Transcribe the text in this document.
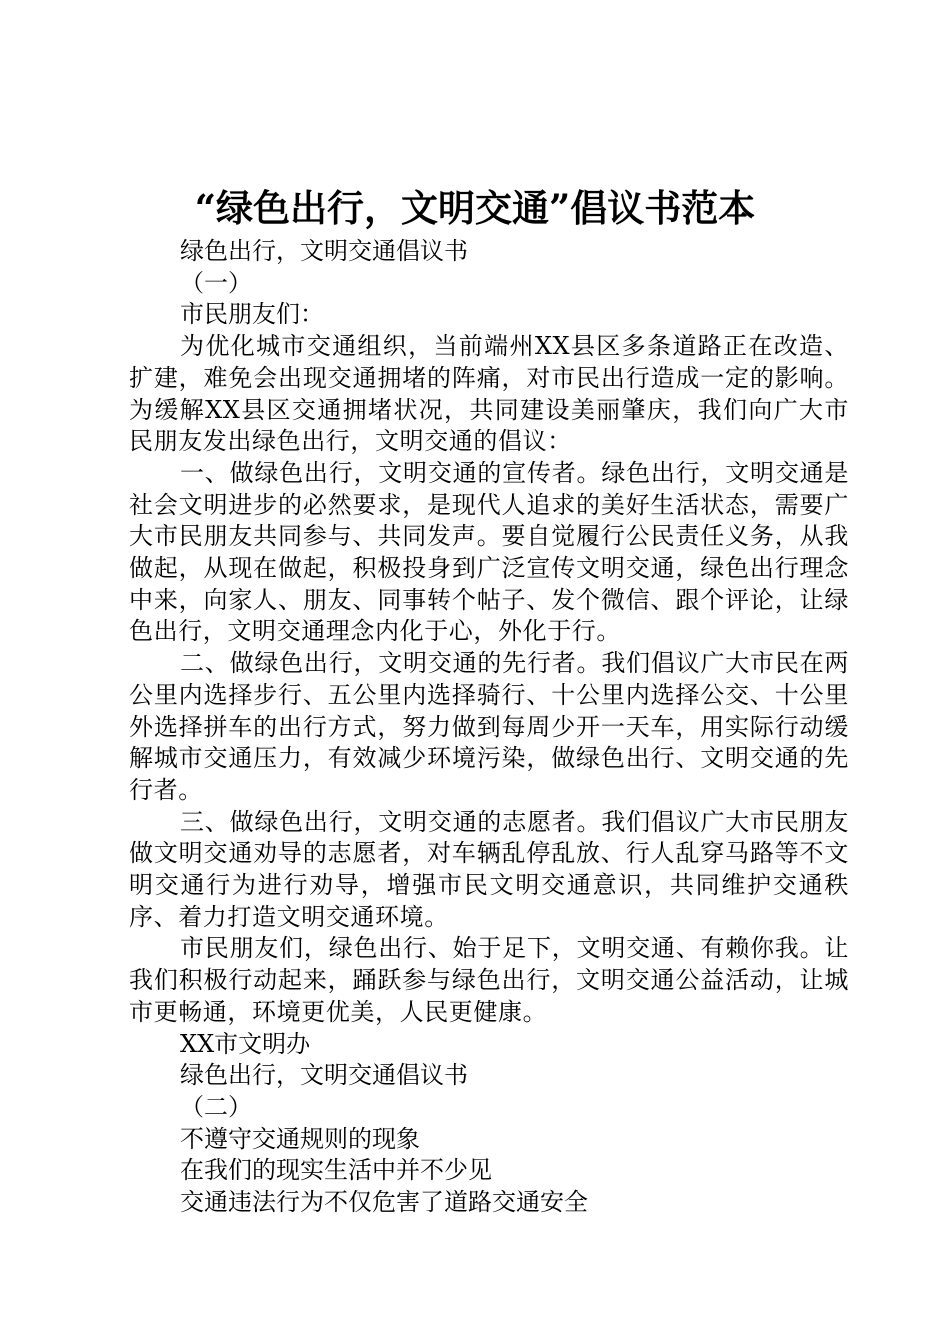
“绿色出行，文明交通”倡议书范本

绿色出行，文明交通倡议书

（一）

市民朋友们：

为优化城市交通组织，当前端州XX县区多条道路正在改造、扩建，难免会出现交通拥堵的阵痛，对市民出行造成一定的影响。为缓解XX县区交通拥堵状况，共同建设美丽肇庆，我们向广大市民朋友发出绿色出行，文明交通的倡议：

一、做绿色出行，文明交通的宣传者。绿色出行，文明交通是社会文明进步的必然要求，是现代人追求的美好生活状态，需要广大市民朋友共同参与、共同发声。要自觉履行公民责任义务，从我做起，从现在做起，积极投身到广泛宣传文明交通，绿色出行理念中来，向家人、朋友、同事转个帖子、发个微信、跟个评论，让绿色出行，文明交通理念内化于心，外化于行。

二、做绿色出行，文明交通的先行者。我们倡议广大市民在两公里内选择步行、五公里内选择骑行、十公里内选择公交、十公里外选择拼车的出行方式，努力做到每周少开一天车，用实际行动缓解城市交通压力，有效减少环境污染，做绿色出行、文明交通的先行者。

三、做绿色出行，文明交通的志愿者。我们倡议广大市民朋友做文明交通劝导的志愿者，对车辆乱停乱放、行人乱穿马路等不文明交通行为进行劝导，增强市民文明交通意识，共同维护交通秩序、着力打造文明交通环境。

市民朋友们，绿色出行、始于足下，文明交通、有赖你我。让我们积极行动起来，踊跃参与绿色出行，文明交通公益活动，让城市更畅通，环境更优美，人民更健康。

XX市文明办

绿色出行，文明交通倡议书

（二）

不遵守交通规则的现象

在我们的现实生活中并不少见

交通违法行为不仅危害了道路交通安全
